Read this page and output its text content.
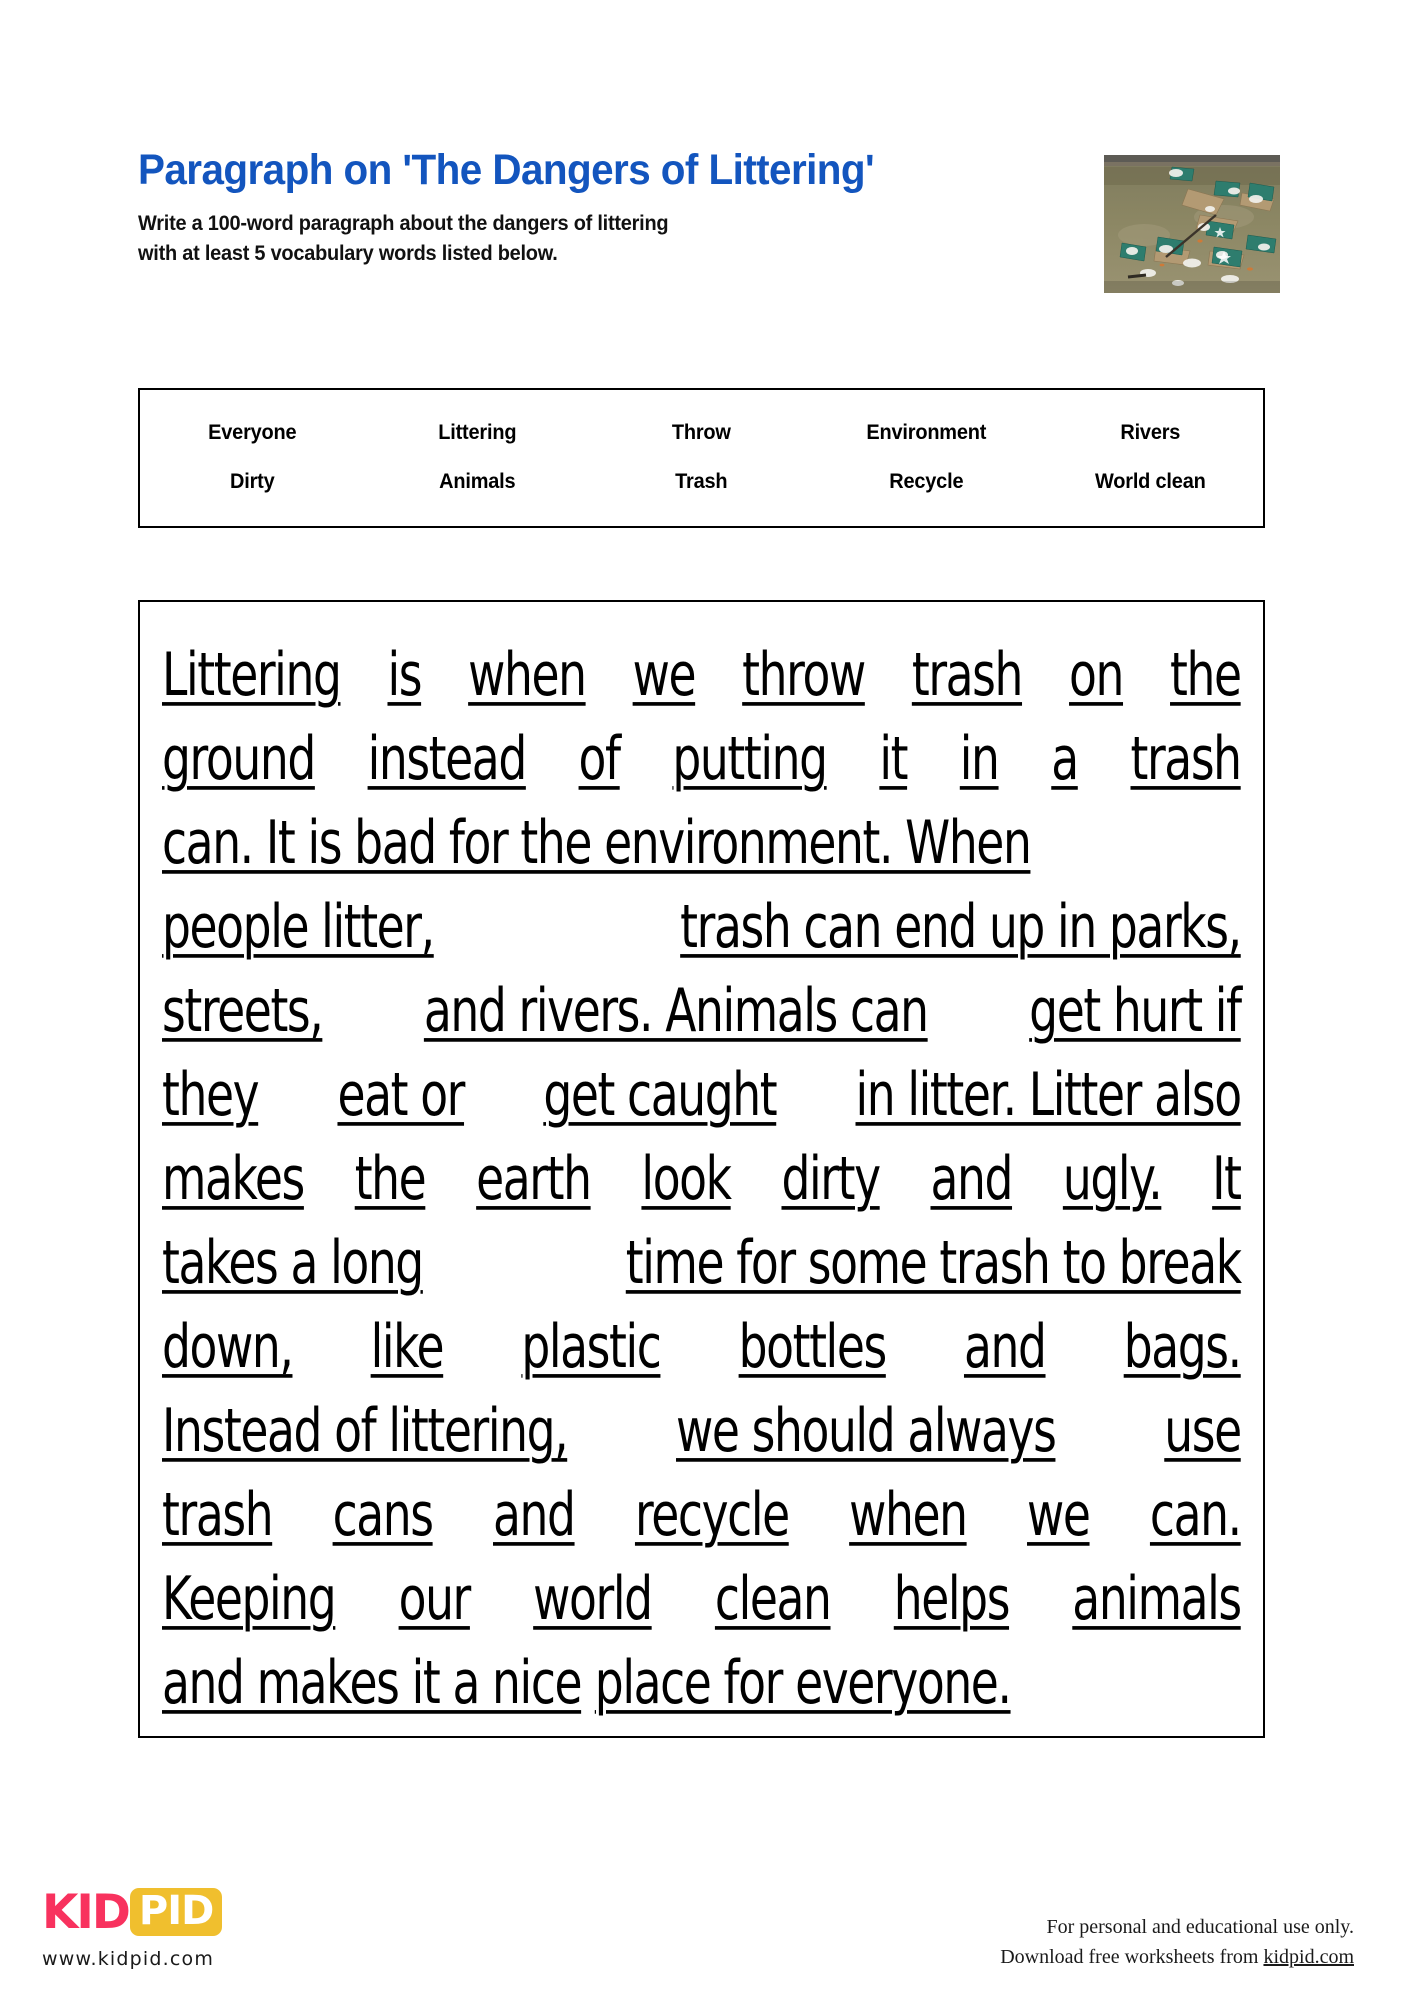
Paragraph on 'The Dangers of Littering'
Write a 100-word paragraph about the dangers of littering
with at least 5 vocabulary words listed below.
Everyone	Littering	Throw	Environment	Rivers
Dirty	Animals	Trash	Recycle	World clean
Littering is when we throw trash on the
ground instead of putting it in a trash
can. It is bad for the environment. When
people litter,	trash can end up in parks,
streets, and rivers. Animals can get hurt if
they eat or get caught in litter. Litter also
makes the earth look dirty and ugly. It
takes a long	time for some trash to break
down, like plastic bottles and bags.
Instead of littering, we should always use
trash cans and recycle when we can.
Keeping our world clean helps animals
and makes it a nice place for everyone.
KID PID
www.kidpid.com
For personal and educational use only.
Download free worksheets from kidpid.com
